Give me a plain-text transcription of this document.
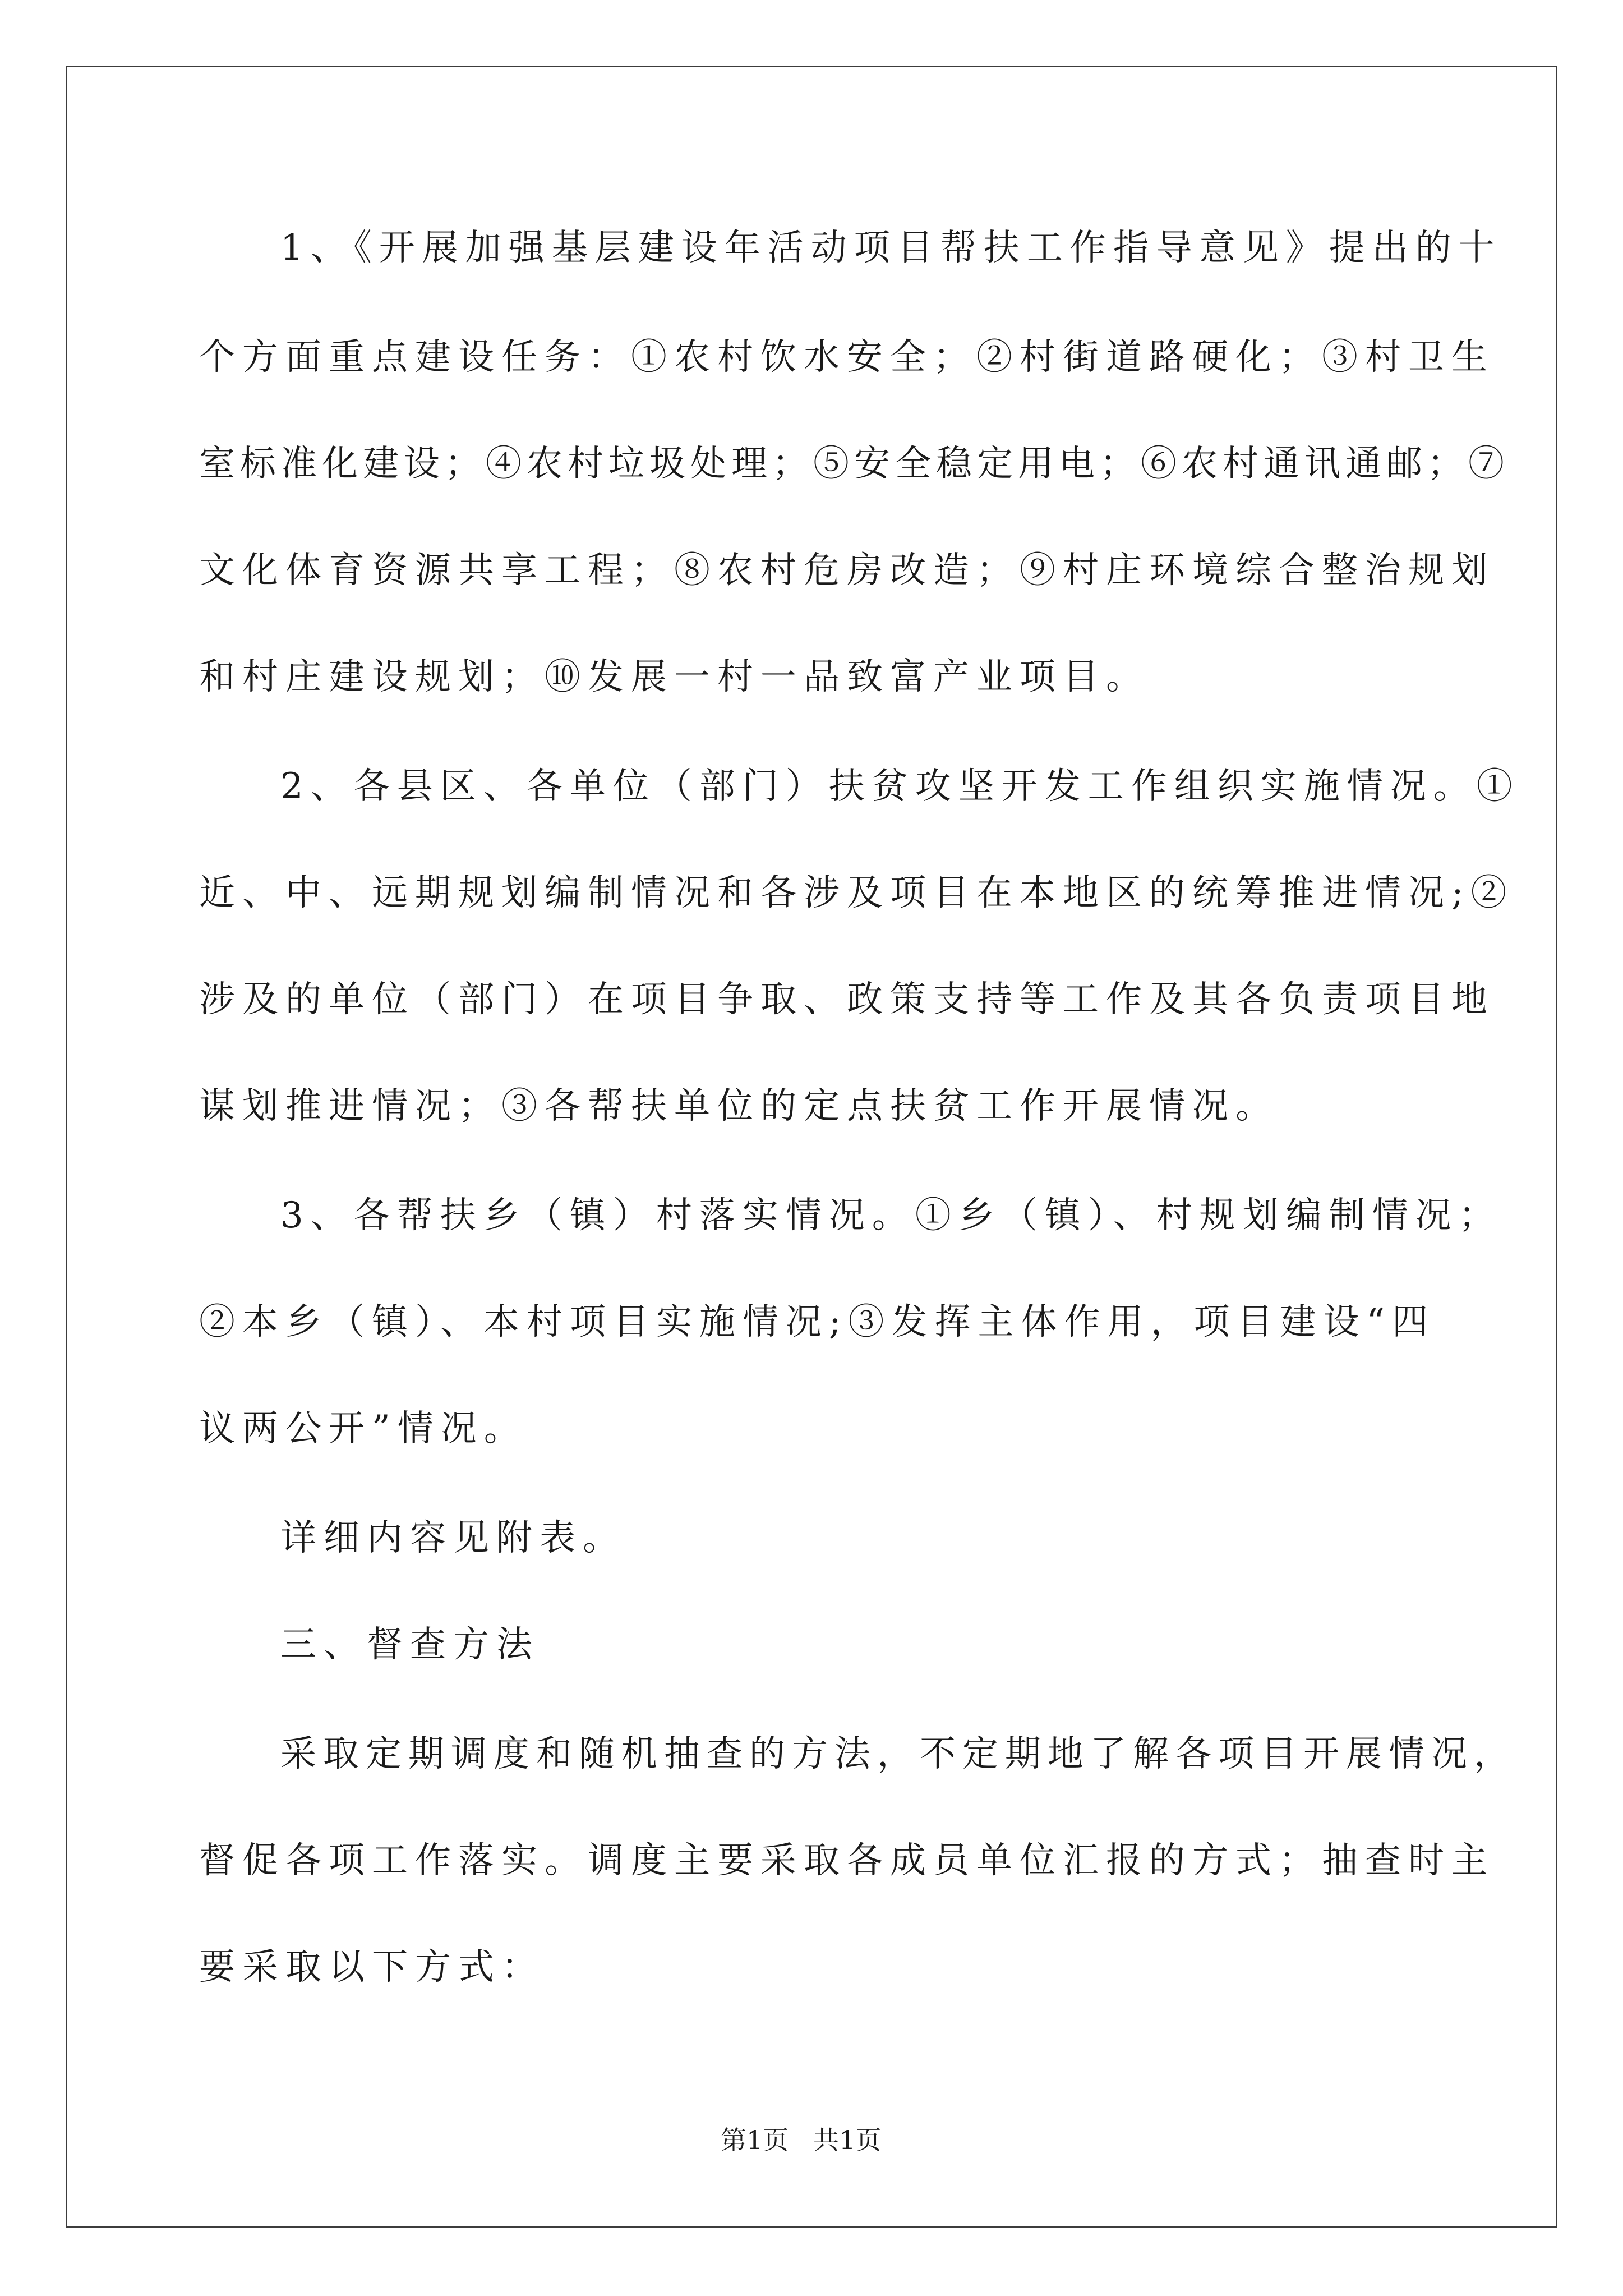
1、《开展加强基层建设年活动项目帮扶工作指导意见》提出的十

个方面重点建设任务：①农村饮水安全；②村街道路硬化；③村卫生

室标准化建设；④农村垃圾处理；⑤安全稳定用电；⑥农村通讯通邮；⑦

文化体育资源共享工程；⑧农村危房改造；⑨村庄环境综合整治规划

和村庄建设规划；⑩发展一村一品致富产业项目。

2、各县区、各单位（部门）扶贫攻坚开发工作组织实施情况。①

近、中、远期规划编制情况和各涉及项目在本地区的统筹推进情况;②

涉及的单位（部门）在项目争取、政策支持等工作及其各负责项目地

谋划推进情况；③各帮扶单位的定点扶贫工作开展情况。

3、各帮扶乡（镇）村落实情况。①乡（镇）、村规划编制情况；

②本乡（镇）、本村项目实施情况;③发挥主体作用，项目建设“四

议两公开”情况。

详细内容见附表。

三、督查方法

采取定期调度和随机抽查的方法，不定期地了解各项目开展情况，

督促各项工作落实。调度主要采取各成员单位汇报的方式；抽查时主

要采取以下方式：

第1页   共1页
